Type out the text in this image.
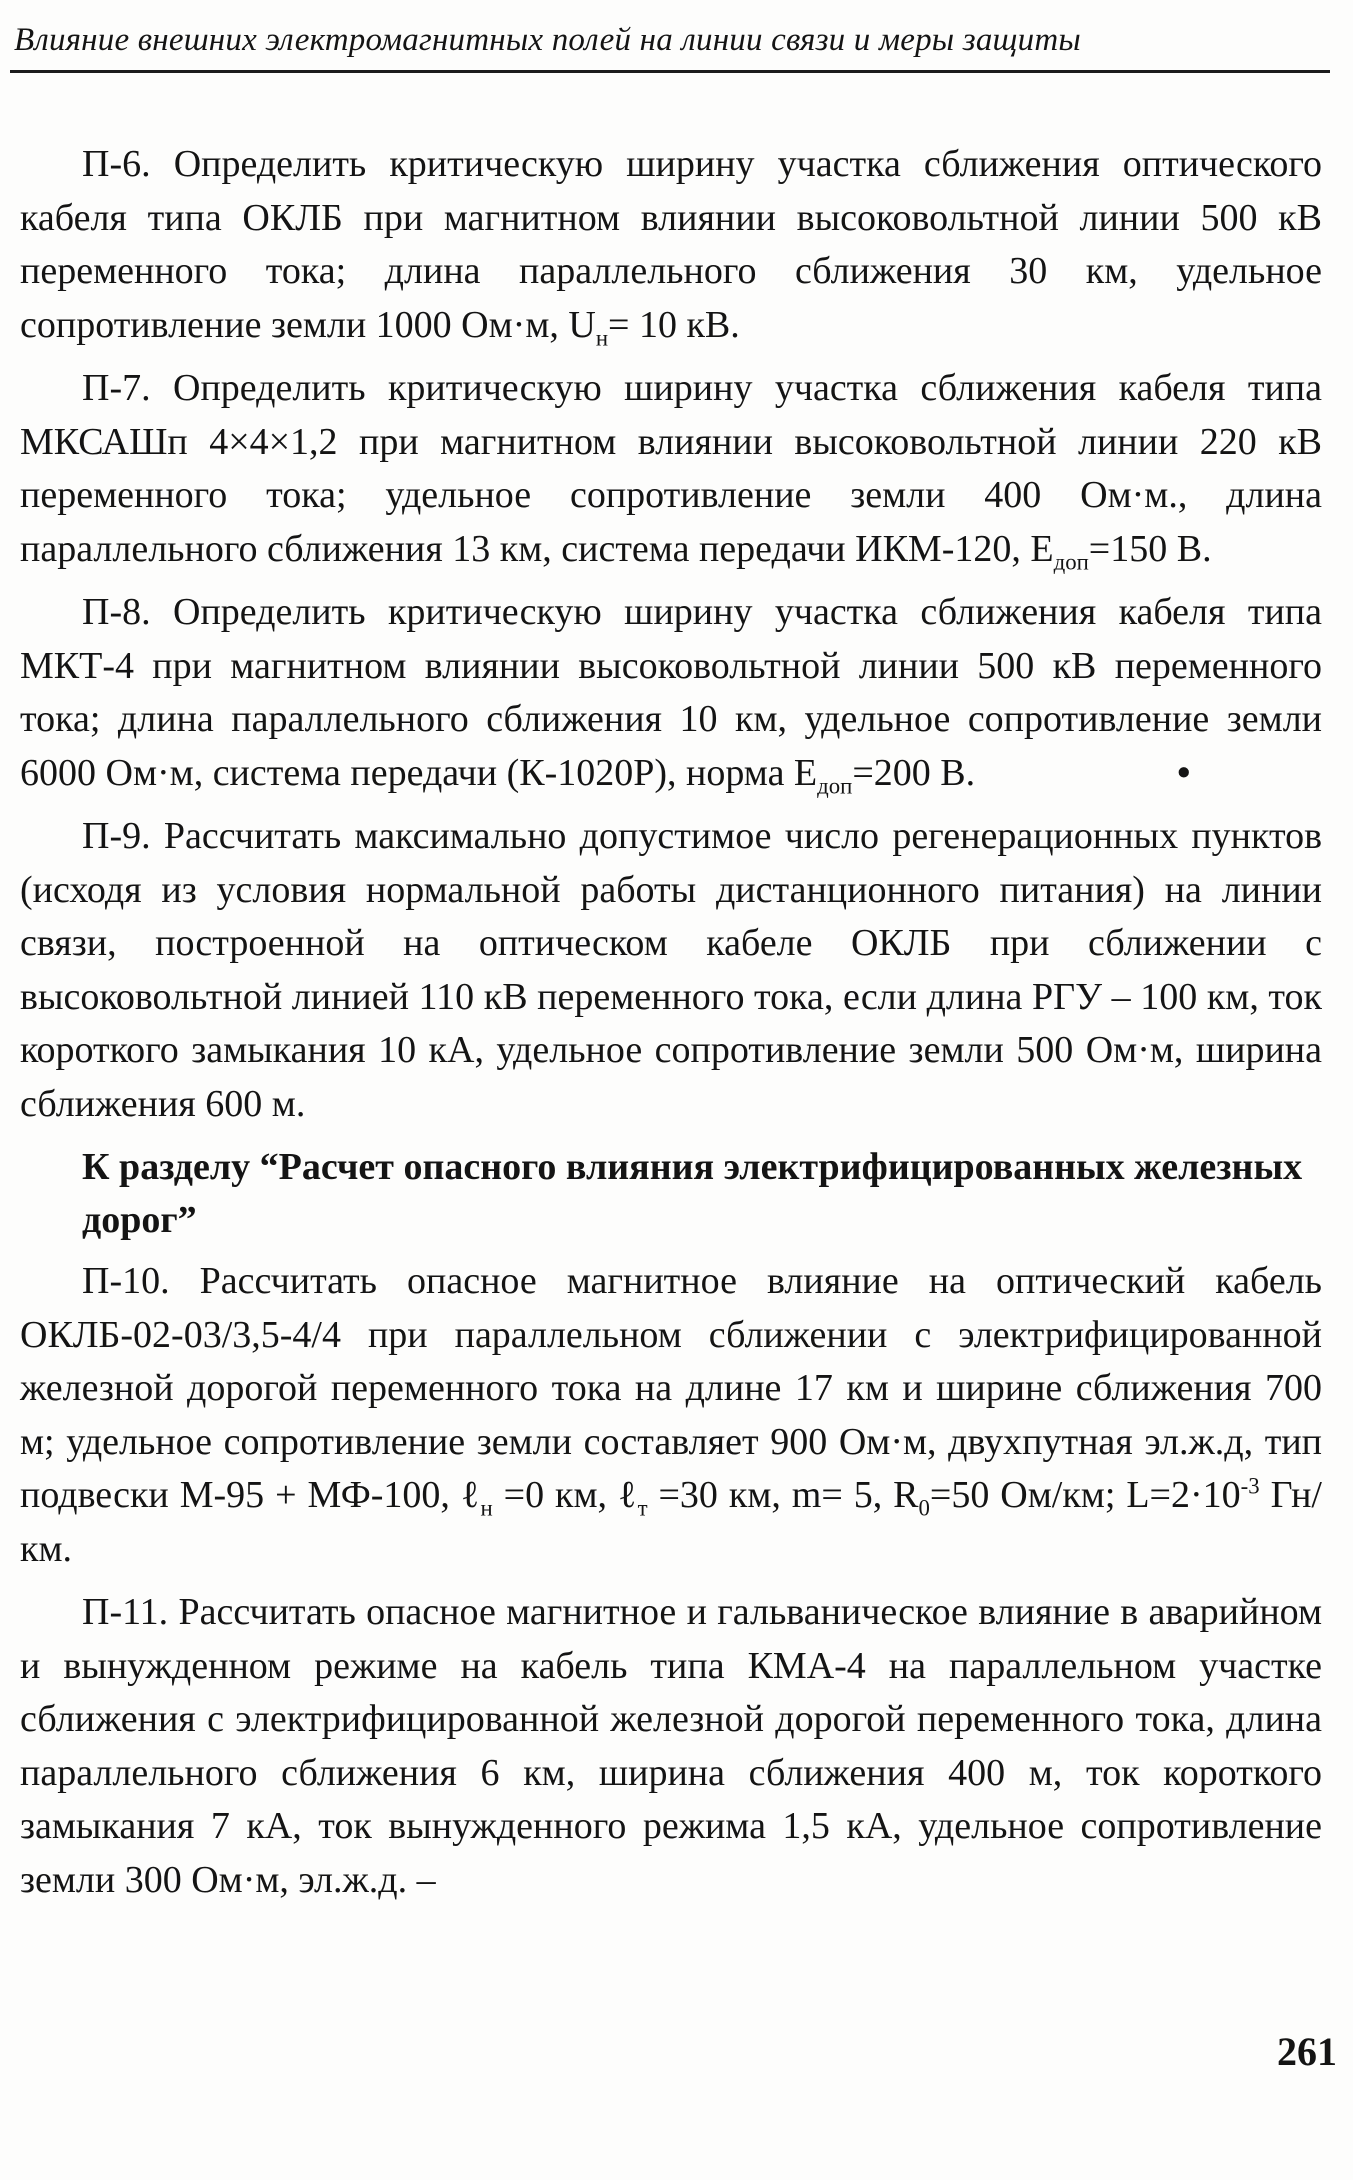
Влияние внешних электромагнитных полей на линии связи и меры защиты

П-6. Определить критическую ширину участка сближения оптического кабеля типа ОКЛБ при магнитном влиянии высоковольтной линии 500 кВ переменного тока; длина параллельного сближения 30 км, удельное сопротивление земли 1000 Ом·м, $U_н= 10$ кВ.

П-7. Определить критическую ширину участка сближения кабеля типа МКСАШп 4×4×1,2 при магнитном влиянии высоковольтной линии 220 кВ переменного тока; удельное сопротивление земли 400 Ом·м., длина параллельного сближения 13 км, система передачи ИКМ-120, $Е_{доп}=150$ В.

П-8. Определить критическую ширину участка сближения кабеля типа МКТ-4 при магнитном влиянии высоковольтной линии 500 кВ переменного тока; длина параллельного сближения 10 км, удельное сопротивление земли 6000 Ом·м, система передачи (К-1020Р), норма $Е_{доп}=200$ В.	•

П-9. Рассчитать максимально допустимое число регенерационных пунктов (исходя из условия нормальной работы дистанционного питания) на линии связи, построенной на оптическом кабеле ОКЛБ при сближении с высоковольтной линией 110 кВ переменного тока, если длина РГУ – 100 км, ток короткого замыкания 10 кА, удельное сопротивление земли 500 Ом·м, ширина сближения 600 м.

К разделу “Расчет опасного влияния электрифицированных железных дорог”

П-10. Рассчитать опасное магнитное влияние на оптический кабель ОКЛБ-02-03/3,5-4/4 при параллельном сближении с электрифицированной железной дорогой переменного тока на длине 17 км и ширине сближения 700 м; удельное сопротивление земли составляет 900 Ом·м, двухпутная эл.ж.д, тип подвески М-95 + МФ-100, ℓ$_н$ =0 км, ℓ$_т$ =30 км, m= 5, $R_0=50$ Ом/км; $L=2\cdot 10^{-3}$ Гн/км.

П-11. Рассчитать опасное магнитное и гальваническое влияние в аварийном и вынужденном режиме на кабель типа КМА-4 на параллельном участке сближения с электрифицированной железной дорогой переменного тока, длина параллельного сближения 6 км, ширина сближения 400 м, ток короткого замыкания 7 кА, ток вынужденного режима 1,5 кА, удельное сопротивление земли 300 Ом·м, эл.ж.д. –

261
